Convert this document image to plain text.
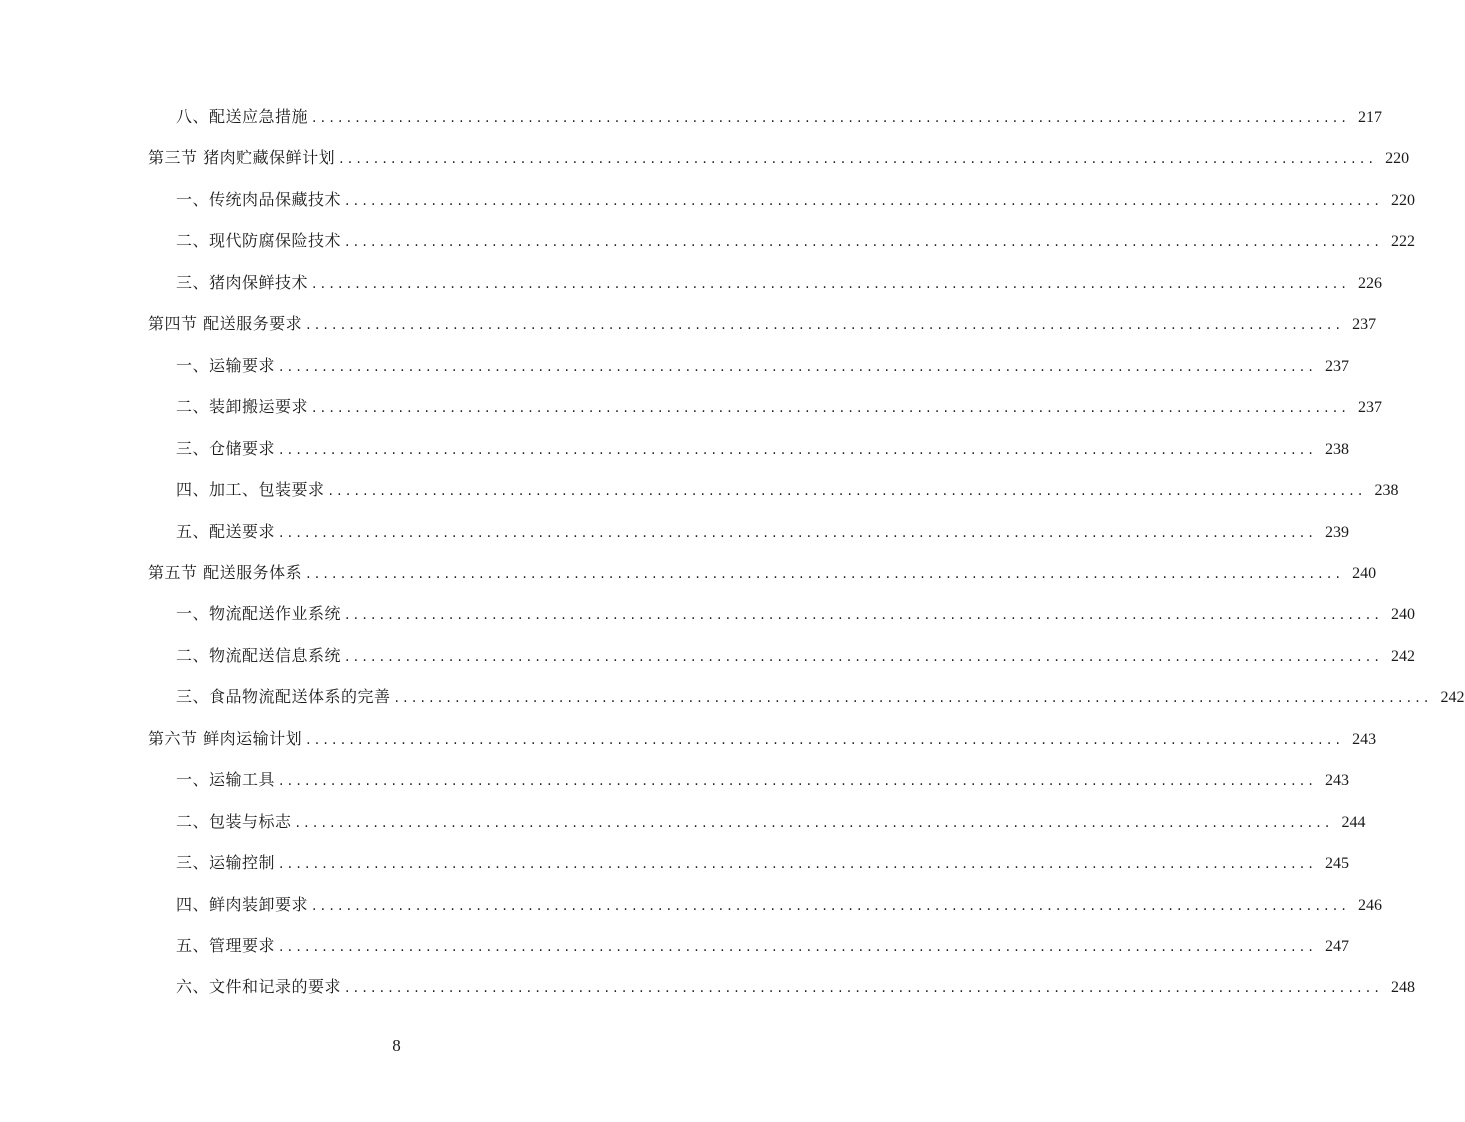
八、配送应急措施 ........................................................................................................................ 217
第三节 猪肉贮藏保鲜计划 ........................................................................................................................ 220
一、传统肉品保藏技术 ........................................................................................................................ 220
二、现代防腐保险技术 ........................................................................................................................ 222
三、猪肉保鲜技术 ........................................................................................................................ 226
第四节 配送服务要求 ........................................................................................................................ 237
一、运输要求 ........................................................................................................................ 237
二、装卸搬运要求 ........................................................................................................................ 237
三、仓储要求 ........................................................................................................................ 238
四、加工、包装要求 ........................................................................................................................ 238
五、配送要求 ........................................................................................................................ 239
第五节 配送服务体系 ........................................................................................................................ 240
一、物流配送作业系统 ........................................................................................................................ 240
二、物流配送信息系统 ........................................................................................................................ 242
三、食品物流配送体系的完善 ........................................................................................................................ 242
第六节 鲜肉运输计划 ........................................................................................................................ 243
一、运输工具 ........................................................................................................................ 243
二、包装与标志 ........................................................................................................................ 244
三、运输控制 ........................................................................................................................ 245
四、鲜肉装卸要求 ........................................................................................................................ 246
五、管理要求 ........................................................................................................................ 247
六、文件和记录的要求 ........................................................................................................................ 248
8
